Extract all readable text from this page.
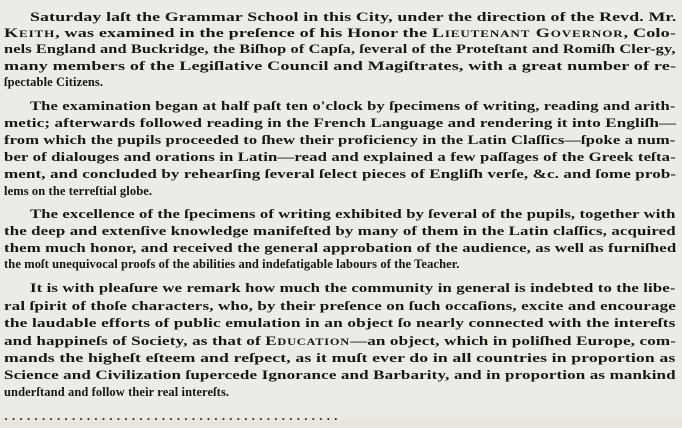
Saturday laſt the Grammar School in this City, under the direction of the Revd. Mr.
Keith, was examined in the preſence of his Honor the Lieutenant Governor, Colo-
nels England and Buckridge, the Biſhop of Capſa, ſeveral of the Proteſtant and Romiſh Cler-gy,
many members of the Legiſlative Council and Magiſtrates, with a great number of re-
ſpectable Citizens.
The examination began at half paſt ten o'clock by ſpecimens of writing, reading and arith-
metic; afterwards followed reading in the French Language and rendering it into Engliſh—
from which the pupils proceeded to ſhew their proficiency in the Latin Claſſics—ſpoke a num-
ber of dialouges and orations in Latin—read and explained a few paſſages of the Greek teſta-
ment, and concluded by rehearſing ſeveral ſelect pieces of Engliſh verſe, &c. and ſome prob-
lems on the terreſtial globe.
The excellence of the ſpecimens of writing exhibited by ſeveral of the pupils, together with
the deep and extenſive knowledge manifeſted by many of them in the Latin claſſics, acquired
them much honor, and received the general approbation of the audience, as well as furniſhed
the moſt unequivocal proofs of the abilities and indefatigable labours of the Teacher.
It is with pleaſure we remark how much the community in general is indebted to the libe-
ral ſpirit of thoſe characters, who, by their preſence on ſuch occaſions, excite and encourage
the laudable efforts of public emulation in an object ſo nearly connected with the intereſts
and happineſs of Society, as that of Education—an object, which in poliſhed Europe, com-
mands the higheſt eſteem and reſpect, as it muſt ever do in all countries in proportion as
Science and Civilization ſupercede Ignorance and Barbarity, and in proportion as mankind
underſtand and follow their real intereſts.
· · · · · · · · · · · · · · · · · · · · · · · · · · · · · · · · · · · · · · · · · · · · ·
